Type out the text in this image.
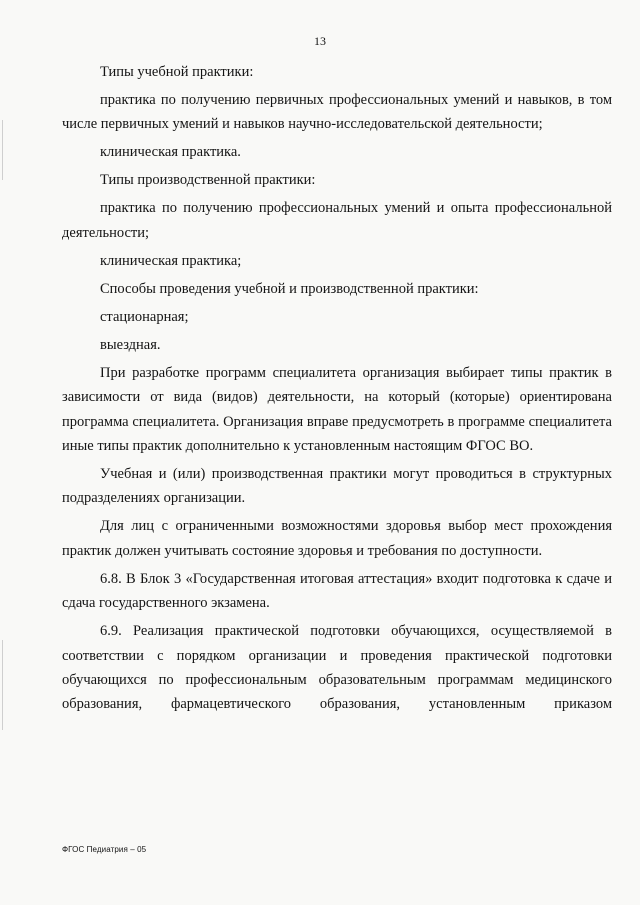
13

Типы учебной практики:

практика по получению первичных профессиональных умений и навыков, в том числе первичных умений и навыков научно-исследовательской деятельности;

клиническая практика.

Типы производственной практики:

практика по получению профессиональных умений и опыта профессиональной деятельности;

клиническая практика;

Способы проведения учебной и производственной практики:

стационарная;

выездная.

При разработке программ специалитета организация выбирает типы практик в зависимости от вида (видов) деятельности, на который (которые) ориентирована программа специалитета. Организация вправе предусмотреть в программе специалитета иные типы практик дополнительно к установленным настоящим ФГОС ВО.

Учебная и (или) производственная практики могут проводиться в структурных подразделениях организации.

Для лиц с ограниченными возможностями здоровья выбор мест прохождения практик должен учитывать состояние здоровья и требования по доступности.

6.8. В Блок 3 «Государственная итоговая аттестация» входит подготовка к сдаче и сдача государственного экзамена.

6.9. Реализация практической подготовки обучающихся, осуществляемой в соответствии с порядком организации и проведения практической подготовки обучающихся по профессиональным образовательным программам медицинского образования, фармацевтического образования, установленным приказом

ФГОС Педиатрия – 05
